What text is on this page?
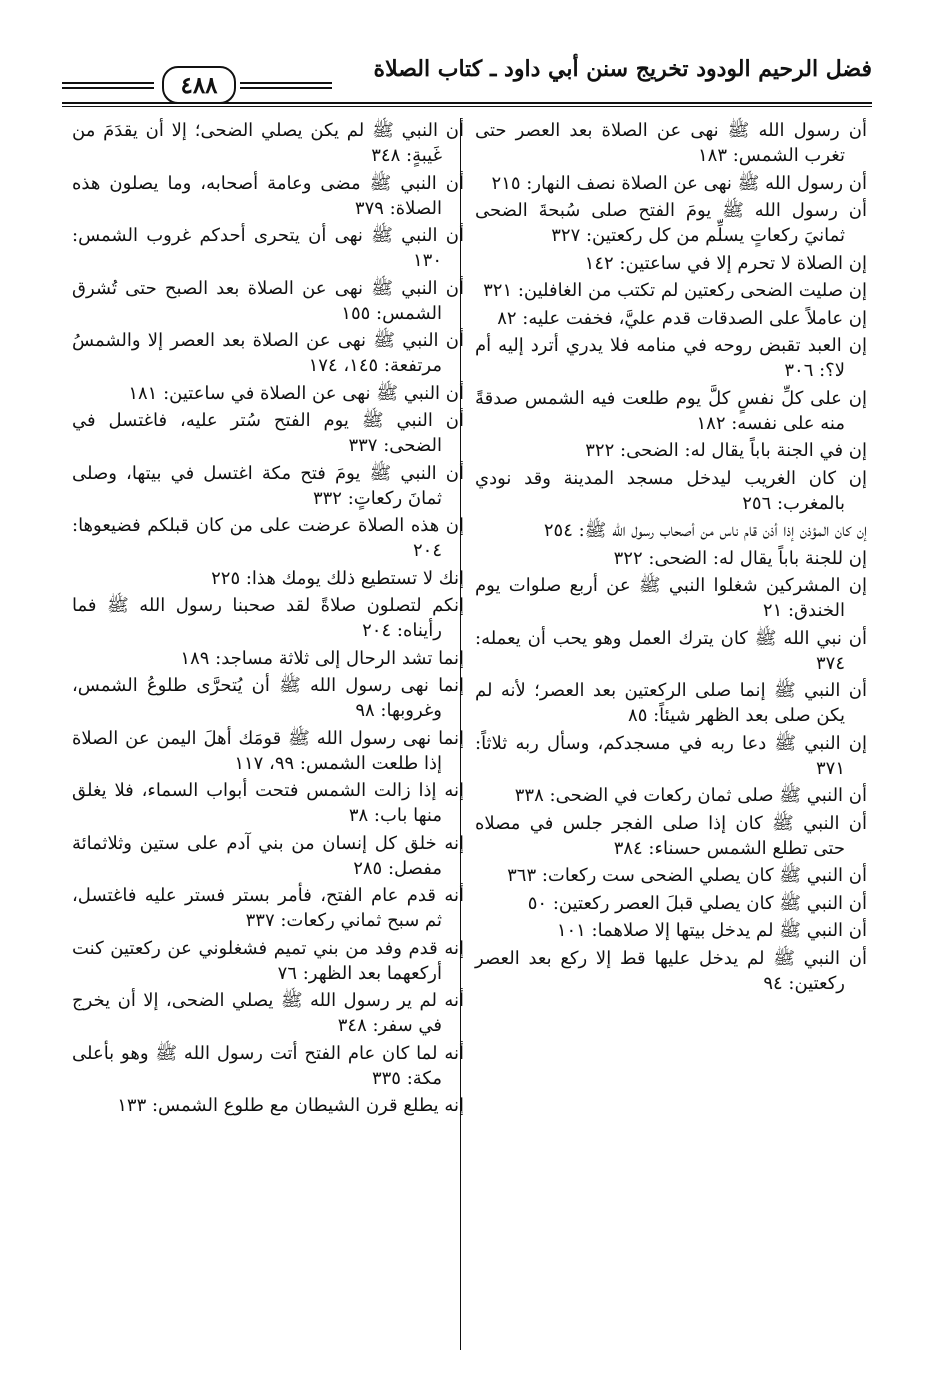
فضل الرحيم الودود تخريج سنن أبي داود ـ كتاب الصلاة
٤٨٨
أن رسول الله ﷺ نهى عن الصلاة بعد العصر حتى تغرب الشمس: ١٨٣
أن رسول الله ﷺ نهى عن الصلاة نصف النهار: ٢١٥
أن رسول الله ﷺ يومَ الفتح صلى سُبحةَ الضحى ثمانيَ ركعاتٍ يسلِّم من كل ركعتين: ٣٢٧
إن الصلاة لا تحرم إلا في ساعتين: ١٤٢
إن صليت الضحى ركعتين لم تكتب من الغافلين: ٣٢١
إن عاملاً على الصدقات قدم عليَّ، فخفت عليه: ٨٢
إن العبد تقبض روحه في منامه فلا يدري أترد إليه أم لا؟: ٣٠٦
إن على كلِّ نفسٍ كلَّ يوم طلعت فيه الشمس صدقةً منه على نفسه: ١٨٢
إن في الجنة باباً يقال له: الضحى: ٣٢٢
إن كان الغريب ليدخل مسجد المدينة وقد نودي بالمغرب: ٢٥٦
إن كان المؤذن إذا أذن قام ناس من أصحاب رسول الله ﷺ: ٢٥٤
إن للجنة باباً يقال له: الضحى: ٣٢٢
إن المشركين شغلوا النبي ﷺ عن أربع صلوات يوم الخندق: ٢١
أن نبي الله ﷺ كان يترك العمل وهو يحب أن يعمله: ٣٧٤
أن النبي ﷺ إنما صلى الركعتين بعد العصر؛ لأنه لم يكن صلى بعد الظهر شيئاً: ٨٥
إن النبي ﷺ دعا ربه في مسجدكم، وسأل ربه ثلاثاً: ٣٧١
أن النبي ﷺ صلى ثمان ركعات في الضحى: ٣٣٨
أن النبي ﷺ كان إذا صلى الفجر جلس في مصلاه حتى تطلع الشمس حسناء: ٣٨٤
أن النبي ﷺ كان يصلي الضحى ست ركعات: ٣٦٣
أن النبي ﷺ كان يصلي قبلَ العصر ركعتين: ٥٠
أن النبي ﷺ لم يدخل بيتها إلا صلاهما: ١٠١
أن النبي ﷺ لم يدخل عليها قط إلا ركع بعد العصر ركعتين: ٩٤
أن النبي ﷺ لم يكن يصلي الضحى؛ إلا أن يقدَمَ من غَيبةٍ: ٣٤٨
أن النبي ﷺ مضى وعامة أصحابه، وما يصلون هذه الصلاة: ٣٧٩
أن النبي ﷺ نهى أن يتحرى أحدكم غروب الشمس: ١٣٠
أن النبي ﷺ نهى عن الصلاة بعد الصبح حتى تُشرق الشمس: ١٥٥
أن النبي ﷺ نهى عن الصلاة بعد العصر إلا والشمسُ مرتفعة: ١٤٥، ١٧٤
أن النبي ﷺ نهى عن الصلاة في ساعتين: ١٨١
أن النبي ﷺ يوم الفتح سُتر عليه، فاغتسل في الضحى: ٣٣٧
أن النبي ﷺ يومَ فتح مكة اغتسل في بيتها، وصلى ثمانَ ركعاتٍ: ٣٣٢
إن هذه الصلاة عرضت على من كان قبلكم فضيعوها: ٢٠٤
إنك لا تستطيع ذلك يومك هذا: ٢٢٥
إنكم لتصلون صلاةً لقد صحبنا رسول الله ﷺ فما رأيناه: ٢٠٤
إنما تشد الرحال إلى ثلاثة مساجد: ١٨٩
إنما نهى رسول الله ﷺ أن يُتحرَّى طلوعُ الشمس، وغروبها: ٩٨
إنما نهى رسول الله ﷺ قومَك أهلَ اليمن عن الصلاة إذا طلعت الشمس: ٩٩، ١١٧
إنه إذا زالت الشمس فتحت أبواب السماء، فلا يغلق منها باب: ٣٨
إنه خلق كل إنسان من بني آدم على ستين وثلاثمائة مفصل: ٢٨٥
أنه قدم عام الفتح، فأمر بستر فستر عليه فاغتسل، ثم سبح ثماني ركعات: ٣٣٧
إنه قدم وفد من بني تميم فشغلوني عن ركعتين كنت أركعهما بعد الظهر: ٧٦
أنه لم ير رسول الله ﷺ يصلي الضحى، إلا أن يخرج في سفر: ٣٤٨
أنه لما كان عام الفتح أتت رسول الله ﷺ وهو بأعلى مكة: ٣٣٥
إنه يطلع قرن الشيطان مع طلوع الشمس: ١٣٣
